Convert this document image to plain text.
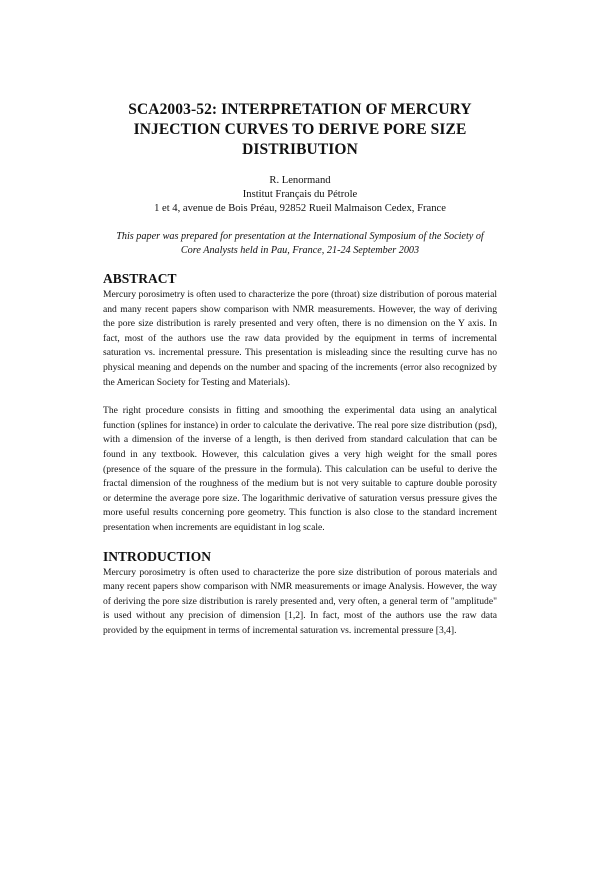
SCA2003-52: INTERPRETATION OF MERCURY
INJECTION CURVES TO DERIVE PORE SIZE
DISTRIBUTION
R. Lenormand
Institut Français du Pétrole
1 et 4, avenue de Bois Préau, 92852 Rueil Malmaison Cedex, France
This paper was prepared for presentation at the International Symposium of the Society of
Core Analysts held in Pau, France, 21-24 September 2003
ABSTRACT

Mercury porosimetry is often used to characterize the pore (throat) size distribution of porous material and many recent papers show comparison with NMR measurements. However, the way of deriving the pore size distribution is rarely presented and very often, there is no dimension on the Y axis. In fact, most of the authors use the raw data provided by the equipment in terms of incremental saturation vs. incremental pressure. This presentation is misleading since the resulting curve has no physical meaning and depends on the number and spacing of the increments (error also recognized by the American Society for Testing and Materials).

The right procedure consists in fitting and smoothing the experimental data using an analytical function (splines for instance) in order to calculate the derivative. The real pore size distribution (psd), with a dimension of the inverse of a length, is then derived from standard calculation that can be found in any textbook. However, this calculation gives a very high weight for the small pores (presence of the square of the pressure in the formula). This calculation can be useful to derive the fractal dimension of the roughness of the medium but is not very suitable to capture double porosity or determine the average pore size. The logarithmic derivative of saturation versus pressure gives the more useful results concerning pore geometry. This function is also close to the standard increment presentation when increments are equidistant in log scale.

INTRODUCTION

Mercury porosimetry is often used to characterize the pore size distribution of porous materials and many recent papers show comparison with NMR measurements or image Analysis. However, the way of deriving the pore size distribution is rarely presented and, very often, a general term of "amplitude" is used without any precision of dimension [1,2]. In fact, most of the authors use the raw data provided by the equipment in terms of incremental saturation vs. incremental pressure [3,4].
